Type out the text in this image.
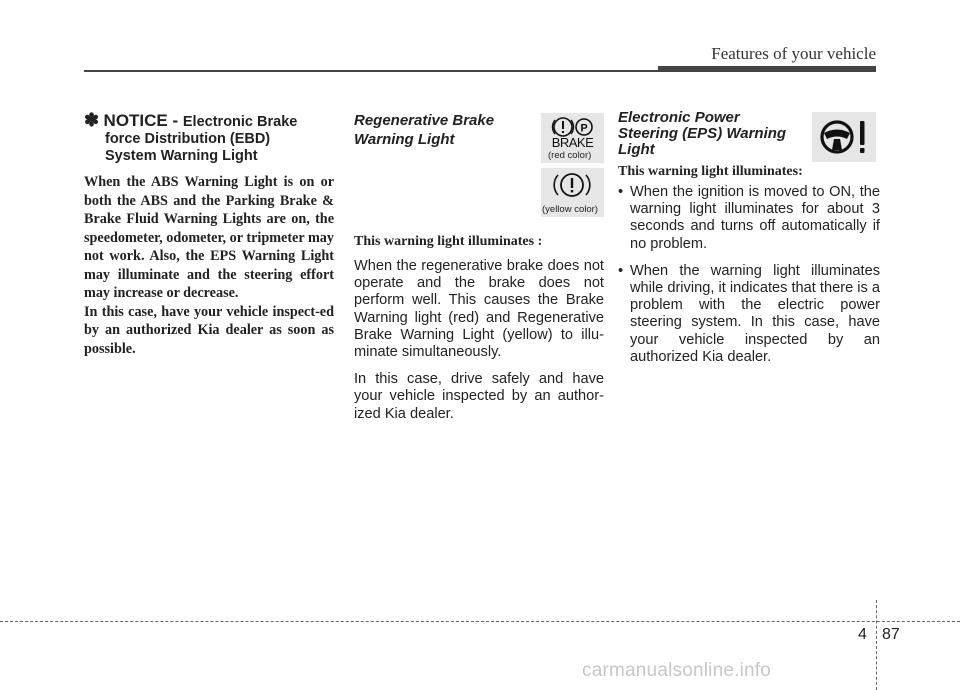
Features of your vehicle
✽ NOTICE - Electronic Brake
force Distribution (EBD)
System Warning Light

When the ABS Warning Light is on or both the ABS and the Parking Brake & Brake Fluid Warning Lights are on, the speedometer, odometer, or tripmeter may not work. Also, the EPS Warning Light may illuminate and the steering effort may increase or decrease.

In this case, have your vehicle inspect-ed by an authorized Kia dealer as soon as possible.

Regenerative Brake
Warning Light
This warning light illuminates :

When the regenerative brake does not operate and the brake does not perform well. This causes the Brake Warning light (red) and Regenerative Brake Warning Light (yellow) to illu-minate simultaneously.

In this case, drive safely and have your vehicle inspected by an author-ized Kia dealer.

P
BRAKE
(red color)
(yellow color)
Electronic Power
Steering (EPS) Warning
Light
This warning light illuminates:
• When the ignition is moved to ON, the warning light illuminates for about 3 seconds and turns off automatically if no problem.
• When the warning light illuminates while driving, it indicates that there is a problem with the electric power steering system. In this case, have your vehicle inspected by an authorized Kia dealer.
4 87
carmanualsonline.info
